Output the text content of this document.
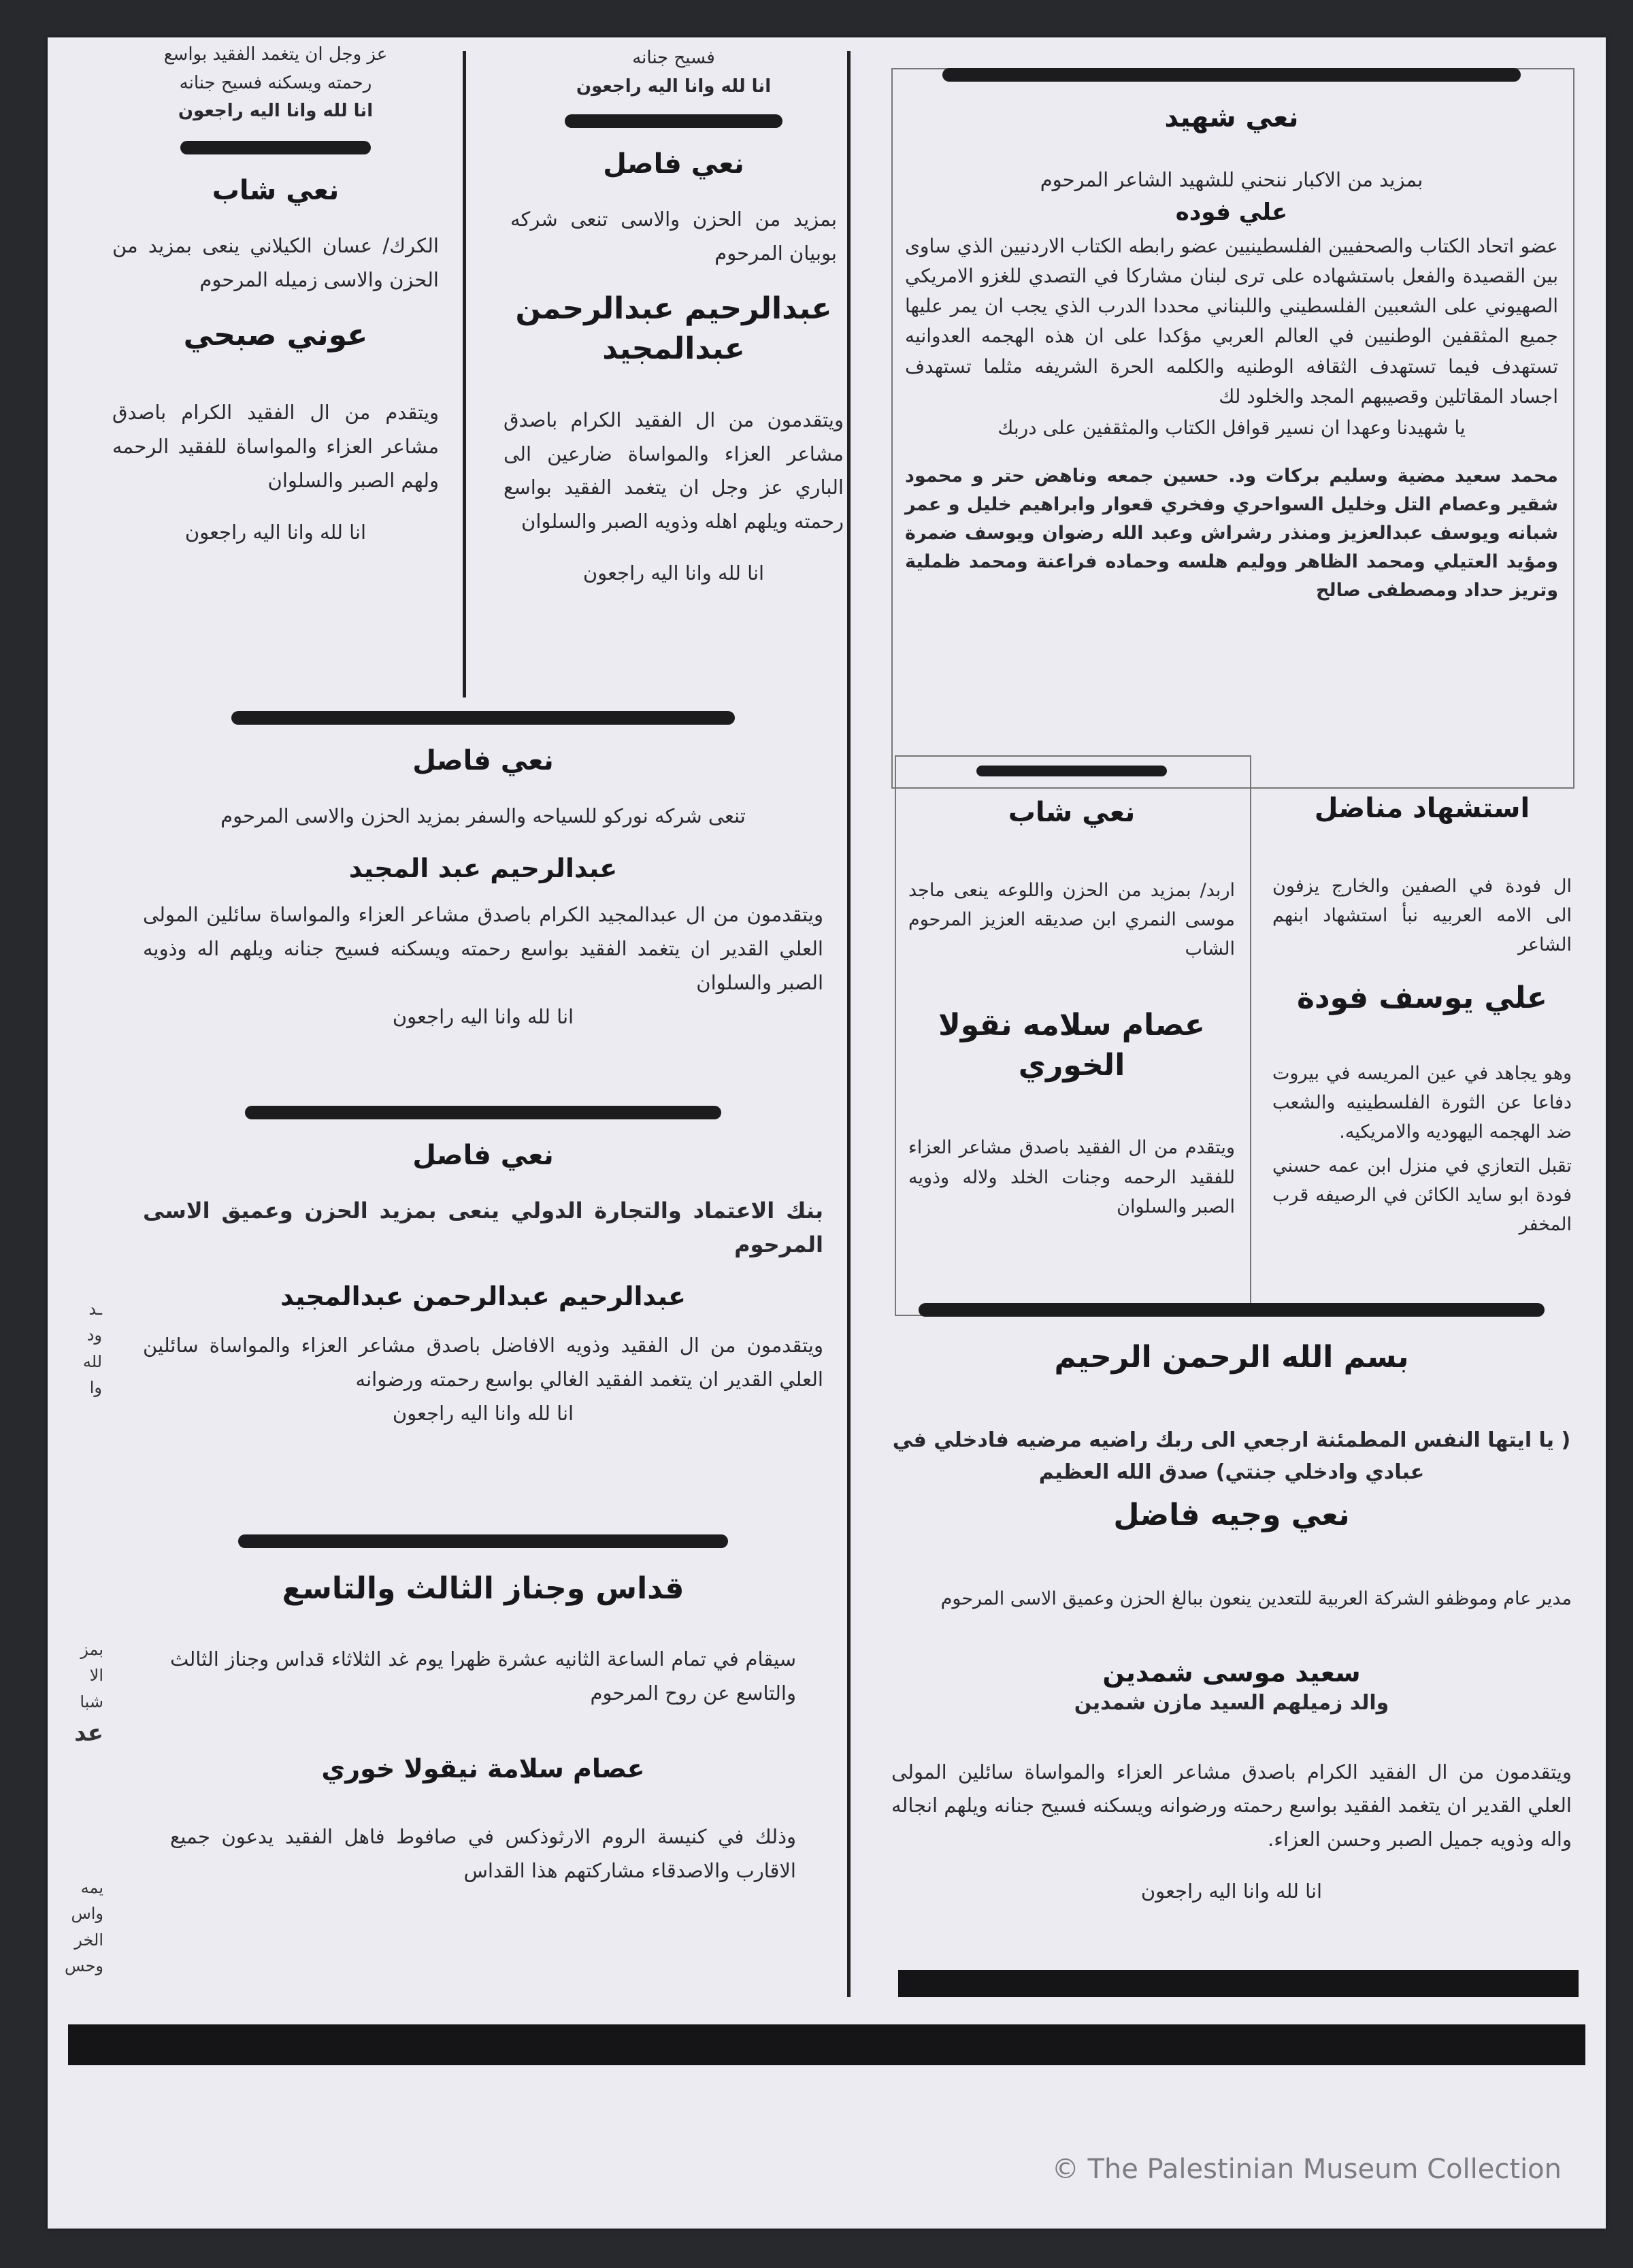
ـد
ود
لله
وا
بمز
الا
شبا
عد
يمه
واس
الخر
وحس
عز وجل ان يتغمد الفقيد بواسع
رحمته ويسكنه فسيح جنانه
انا لله وانا اليه راجعون
نعي شاب

الكرك/ عسان الكيلاني ينعى بمزيد من الحزن والاسى زميله المرحوم

عوني صبحي

ويتقدم من ال الفقيد الكرام باصدق مشاعر العزاء والمواساة للفقيد الرحمه ولهم الصبر والسلوان

انا لله وانا اليه راجعون

فسيح جنانه
انا لله وانا اليه راجعون
نعي فاصل

بمزيد من الحزن والاسى تنعى شركه بوبيان المرحوم

عبدالرحيم عبدالرحمن عبدالمجيد

ويتقدمون من ال الفقيد الكرام باصدق مشاعر العزاء والمواساة ضارعين الى الباري عز وجل ان يتغمد الفقيد بواسع رحمته ويلهم اهله وذويه الصبر والسلوان

انا لله وانا اليه راجعون

نعي فاصل

تنعى شركه نوركو للسياحه والسفر بمزيد الحزن والاسى المرحوم

عبدالرحيم عبد المجيد

ويتقدمون من ال عبدالمجيد الكرام باصدق مشاعر العزاء والمواساة سائلين المولى العلي القدير ان يتغمد الفقيد بواسع رحمته ويسكنه فسيح جنانه ويلهم اله وذويه الصبر والسلوان

انا لله وانا اليه راجعون

نعي فاصل

بنك الاعتماد والتجارة الدولي ينعى بمزيد الحزن وعميق الاسى المرحوم

عبدالرحيم عبدالرحمن عبدالمجيد

ويتقدمون من ال الفقيد وذويه الافاضل باصدق مشاعر العزاء والمواساة سائلين العلي القدير ان يتغمد الفقيد الغالي بواسع رحمته ورضوانه

انا لله وانا اليه راجعون

قداس وجناز الثالث والتاسع

سيقام في تمام الساعة الثانيه عشرة ظهرا يوم غد الثلاثاء قداس وجناز الثالث والتاسع عن روح المرحوم

عصام سلامة نيقولا خوري

وذلك في كنيسة الروم الارثوذكس في صافوط فاهل الفقيد يدعون جميع الاقارب والاصدقاء مشاركتهم هذا القداس

نعي شهيد

بمزيد من الاكبار ننحني للشهيد الشاعر المرحوم

علي فوده

عضو اتحاد الكتاب والصحفيين الفلسطينيين عضو رابطه الكتاب الاردنيين الذي ساوى بين القصيدة والفعل باستشهاده على ترى لبنان مشاركا في التصدي للغزو الامريكي الصهيوني على الشعبين الفلسطيني واللبناني محددا الدرب الذي يجب ان يمر عليها جميع المثقفين الوطنيين في العالم العربي مؤكدا على ان هذه الهجمه العدوانيه تستهدف فيما تستهدف الثقافه الوطنيه والكلمه الحرة الشريفه مثلما تستهدف اجساد المقاتلين وقصيبهم المجد والخلود لك

يا شهيدنا وعهدا ان نسير قوافل الكتاب والمثقفين على دربك

محمد سعيد مضية وسليم بركات ود. حسين جمعه وناهض حتر و محمود شقير وعصام التل وخليل السواحري وفخري قعوار وابراهيم خليل و عمر شبانه ويوسف عبدالعزيز ومنذر رشراش وعبد الله رضوان ويوسف ضمرة ومؤيد العتيلي ومحمد الظاهر ووليم هلسه وحماده فراعنة ومحمد ظملية وتريز حداد ومصطفى صالح

نعي شاب

اربد/ بمزيد من الحزن واللوعه ينعى ماجد موسى النمري ابن صديقه العزيز المرحوم الشاب

عصام سلامه نقولا الخوري

ويتقدم من ال الفقيد باصدق مشاعر العزاء للفقيد الرحمه وجنات الخلد ولاله وذويه الصبر والسلوان

استشهاد مناضل

ال فودة في الصفين والخارج يزفون الى الامه العربيه نبأ استشهاد ابنهم الشاعر

علي يوسف فودة

وهو يجاهد في عين المريسه في بيروت دفاعا عن الثورة الفلسطينيه والشعب ضد الهجمه اليهوديه والامريكيه.

تقبل التعازي في منزل ابن عمه حسني فودة ابو سايد الكائن في الرصيفه قرب المخفر

بسم الله الرحمن الرحيم

( يا ايتها النفس المطمئنة ارجعي الى ربك راضيه مرضيه فادخلي في عبادي وادخلي جنتي) صدق الله العظيم

نعي وجيه فاضل

مدير عام وموظفو الشركة العربية للتعدين ينعون ببالغ الحزن وعميق الاسى المرحوم

سعيد موسى شمدين
والد زميلهم السيد مازن شمدين

ويتقدمون من ال الفقيد الكرام باصدق مشاعر العزاء والمواساة سائلين المولى العلي القدير ان يتغمد الفقيد بواسع رحمته ورضوانه ويسكنه فسيح جنانه ويلهم انجاله واله وذويه جميل الصبر وحسن العزاء.

انا لله وانا اليه راجعون

© The Palestinian Museum Collection
